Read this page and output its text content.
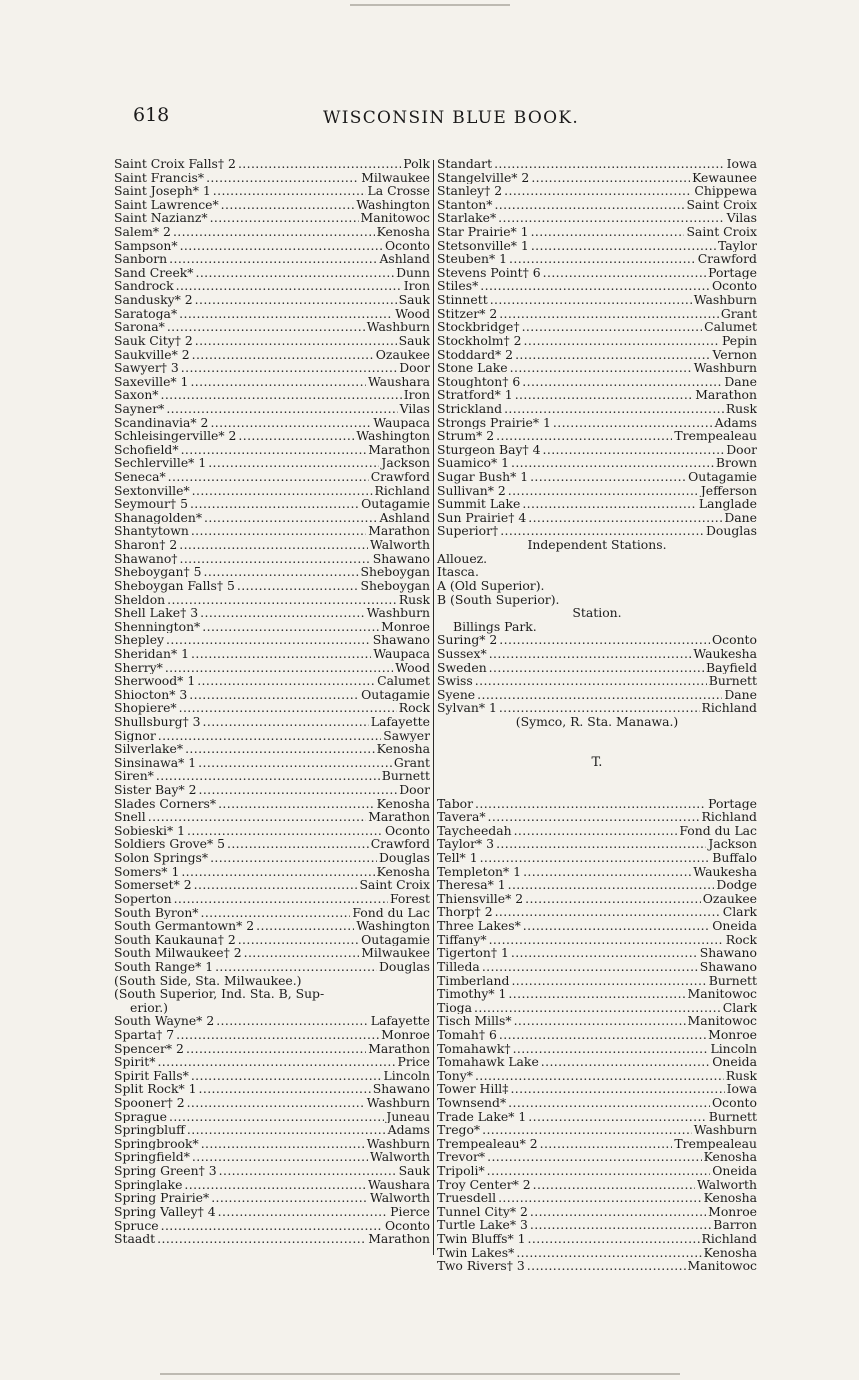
618	WISCONSIN BLUE BOOK.
Saint Croix Falls† 2 .....	Polk
Saint Francis* .....	Milwaukee
Saint Joseph* 1 .....	La Crosse
Saint Lawrence* .....	Washington
Saint Nazianz* .....	Manitowoc
Salem* 2 .....	Kenosha
Sampson* .....	Oconto
Sanborn .....	Ashland
Sand Creek* .....	Dunn
Sandrock .....	Iron
Sandusky* 2 .....	Sauk
Saratoga* .....	Wood
Sarona* .....	Washburn
Sauk City† 2 .....	Sauk
Saukville* 2 .....	Ozaukee
Sawyer† 3 .....	Door
Saxeville* 1 .....	Waushara
Saxon* .....	Iron
Sayner* .....	Vilas
Scandinavia* 2 .....	Waupaca
Schleisingerville* 2 .....	Washington
Schofield* .....	Marathon
Sechlerville* 1 .....	Jackson
Seneca* .....	Crawford
Sextonville* .....	Richland
Seymour† 5 .....	Outagamie
Shanagolden* .....	Ashland
Shantytown .....	Marathon
Sharon† 2 .....	Walworth
Shawano† .....	Shawano
Sheboygan† 5 .....	Sheboygan
Sheboygan Falls† 5 .....	Sheboygan
Sheldon .....	Rusk
Shell Lake† 3 .....	Washburn
Shennington* .....	Monroe
Shepley .....	Shawano
Sheridan* 1 .....	Waupaca
Sherry* .....	Wood
Sherwood* 1 .....	Calumet
Shiocton* 3 .....	Outagamie
Shopiere* .....	Rock
Shullsburg† 3 .....	Lafayette
Signor .....	Sawyer
Silverlake* .....	Kenosha
Sinsinawa* 1 .....	Grant
Siren* .....	Burnett
Sister Bay* 2 .....	Door
Slades Corners* .....	Kenosha
Snell .....	Marathon
Sobieski* 1 .....	Oconto
Soldiers Grove* 5 .....	Crawford
Solon Springs* .....	Douglas
Somers* 1 .....	Kenosha
Somerset* 2 .....	Saint Croix
Soperton .....	Forest
South Byron* .....	Fond du Lac
South Germantown* 2 .....	Washington
South Kaukauna† 2 .....	Outagamie
South Milwaukee† 2 .....	Milwaukee
South Range* 1 .....	Douglas
(South Side, Sta. Milwaukee.)
(South Superior, Ind. Sta. B, Sup-
erior.)
South Wayne* 2 .....	Lafayette
Sparta† 7 .....	Monroe
Spencer* 2 .....	Marathon
Spirit* .....	Price
Spirit Falls* .....	Lincoln
Split Rock* 1 .....	Shawano
Spooner† 2 .....	Washburn
Sprague .....	Juneau
Springbluff .....	Adams
Springbrook* .....	Washburn
Springfield* .....	Walworth
Spring Green† 3 .....	Sauk
Springlake .....	Waushara
Spring Prairie* .....	Walworth
Spring Valley† 4 .....	Pierce
Spruce .....	Oconto
Staadt .....	Marathon
Standart .....	Iowa
Stangelville* 2 .....	Kewaunee
Stanley† 2 .....	Chippewa
Stanton* .....	Saint Croix
Starlake* .....	Vilas
Star Prairie* 1 .....	Saint Croix
Stetsonville* 1 .....	Taylor
Steuben* 1 .....	Crawford
Stevens Point† 6 .....	Portage
Stiles* .....	Oconto
Stinnett .....	Washburn
Stitzer* 2 .....	Grant
Stockbridge† .....	Calumet
Stockholm† 2 .....	Pepin
Stoddard* 2 .....	Vernon
Stone Lake .....	Washburn
Stoughton† 6 .....	Dane
Stratford* 1 .....	Marathon
Strickland .....	Rusk
Strongs Prairie* 1 .....	Adams
Strum* 2 .....	Trempealeau
Sturgeon Bay† 4 .....	Door
Suamico* 1 .....	Brown
Sugar Bush* 1 .....	Outagamie
Sullivan* 2 .....	Jefferson
Summit Lake .....	Langlade
Sun Prairie† 4 .....	Dane
Superior† .....	Douglas
Independent Stations.
Allouez.
Itasca.
A (Old Superior).
B (South Superior).
Station.
Billings Park.
Suring* 2 .....	Oconto
Sussex* .....	Waukesha
Sweden .....	Bayfield
Swiss .....	Burnett
Syene .....	Dane
Sylvan* 1 .....	Richland
(Symco, R. Sta. Manawa.)
T.
Tabor .....	Portage
Tavera* .....	Richland
Taycheedah .....	Fond du Lac
Taylor* 3 .....	Jackson
Tell* 1 .....	Buffalo
Templeton* 1 .....	Waukesha
Theresa* 1 .....	Dodge
Thiensville* 2 .....	Ozaukee
Thorp† 2 .....	Clark
Three Lakes* .....	Oneida
Tiffany* .....	Rock
Tigerton† 1 .....	Shawano
Tilleda .....	Shawano
Timberland .....	Burnett
Timothy* 1 .....	Manitowoc
Tioga .....	Clark
Tisch Mills* .....	Manitowoc
Tomah† 6 .....	Monroe
Tomahawk† .....	Lincoln
Tomahawk Lake .....	Oneida
Tony* .....	Rusk
Tower Hill‡ .....	Iowa
Townsend* .....	Oconto
Trade Lake* 1 .....	Burnett
Trego* .....	Washburn
Trempealeau* 2 .....	Trempealeau
Trevor* .....	Kenosha
Tripoli* .....	Oneida
Troy Center* 2 .....	Walworth
Truesdell .....	Kenosha
Tunnel City* 2 .....	Monroe
Turtle Lake* 3 .....	Barron
Twin Bluffs* 1 .....	Richland
Twin Lakes* .....	Kenosha
Two Rivers† 3 .....	Manitowoc
